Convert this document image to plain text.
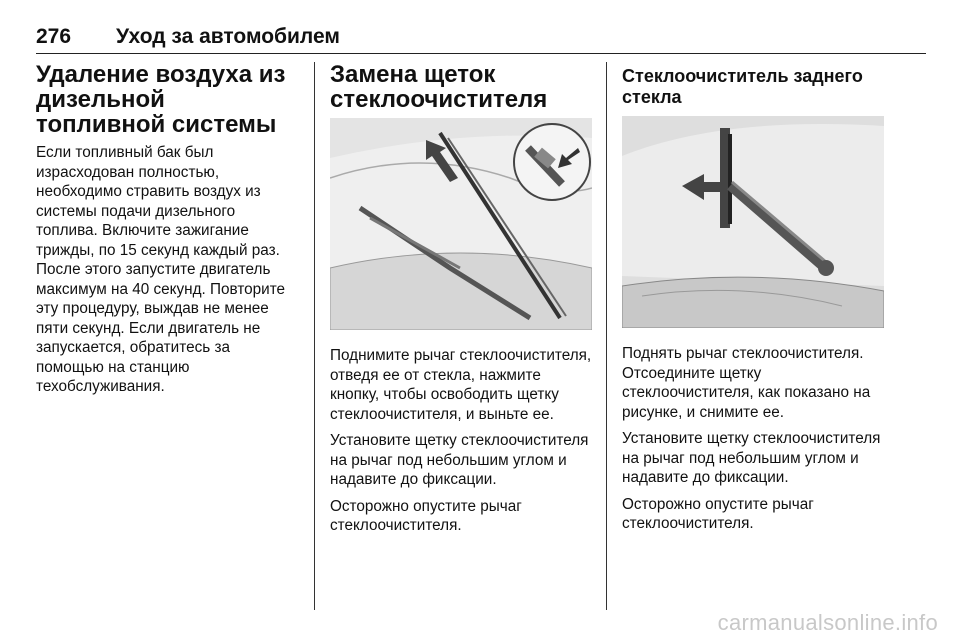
276	Уход за автомобилем
Удаление воздуха из дизельной топливной системы

Если топливный бак был израсходован полностью, необходимо стравить воздух из системы подачи дизельного топлива. Включите зажигание трижды, по 15 секунд каждый раз. После этого запустите двигатель максимум на 40 секунд. Повторите эту процедуру, выждав не менее пяти секунд. Если двигатель не запускается, обратитесь за помощью на станцию техобслуживания.

Замена щеток стеклоочистителя

Поднимите рычаг стеклоочистителя, отведя ее от стекла, нажмите кнопку, чтобы освободить щетку стеклоочистителя, и выньте ее.

Установите щетку стеклоочистителя на рычаг под небольшим углом и надавите до фиксации.

Осторожно опустите рычаг стеклоочистителя.

Стеклоочиститель заднего стекла

Поднять рычаг стеклоочистителя. Отсоедините щетку стеклоочистителя, как показано на рисунке, и снимите ее.

Установите щетку стеклоочистителя на рычаг под небольшим углом и надавите до фиксации.

Осторожно опустите рычаг стеклоочистителя.

carmanualsonline.info
